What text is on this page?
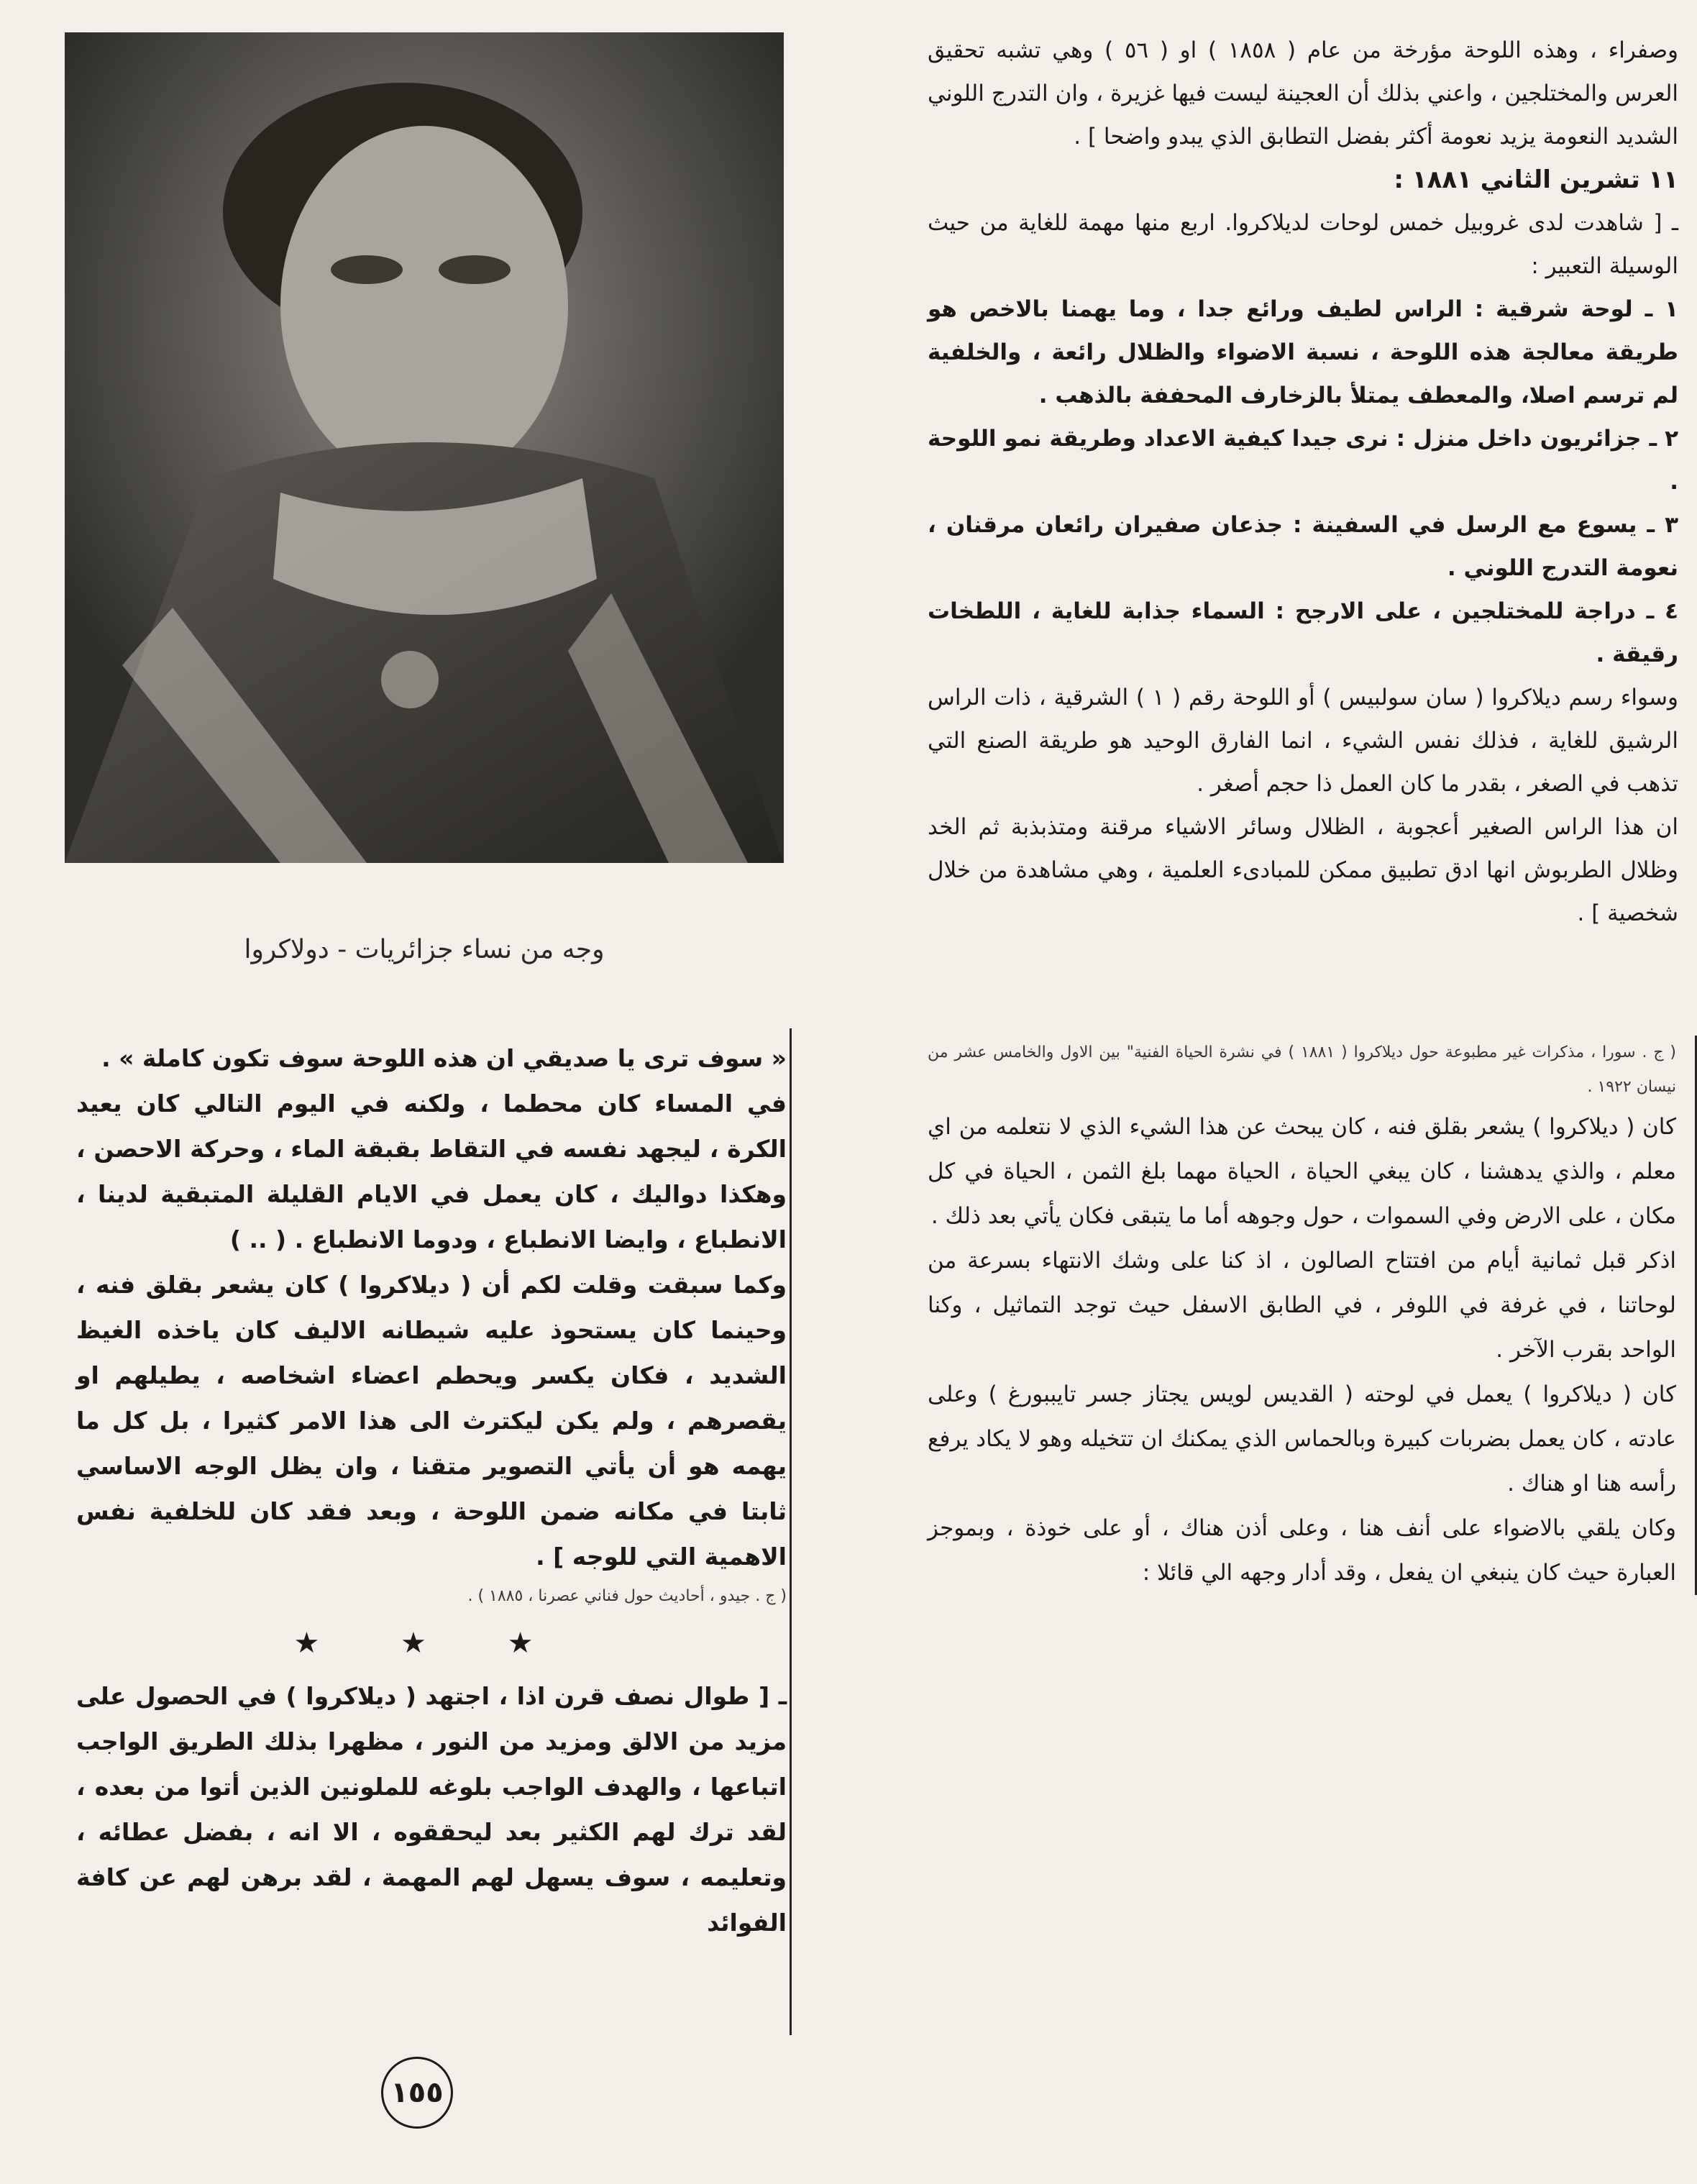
وجه من نساء جزائريات - دولاكروا

وصفراء ، وهذه اللوحة مؤرخة من عام ( ١٨٥٨ ) او ( ٥٦ ) وهي تشبه تحقيق العرس والمختلجين ، واعني بذلك أن العجينة ليست فيها غزيرة ، وان التدرج اللوني الشديد النعومة يزيد نعومة أكثر بفضل التطابق الذي يبدو واضحا ] .

١١ تشرين الثاني ١٨٨١ :

ـ [ شاهدت لدى غروبيل خمس لوحات لديلاكروا. اربع منها مهمة للغاية من حيث الوسيلة التعبير :

١ ـ لوحة شرقية : الراس لطيف ورائع جدا ، وما يهمنا بالاخص هو طريقة معالجة هذه اللوحة ، نسبة الاضواء والظلال رائعة ، والخلفية لم ترسم اصلا، والمعطف يمتلأ بالزخارف المحففة بالذهب .

٢ ـ جزائريون داخل منزل : نرى جيدا كيفية الاعداد وطريقة نمو اللوحة .

٣ ـ يسوع مع الرسل في السفينة : جذعان صفيران رائعان مرقنان ، نعومة التدرج اللوني .

٤ ـ دراجة للمختلجين ، على الارجح : السماء جذابة للغاية ، اللطخات رقيقة .

وسواء رسم ديلاكروا ( سان سولبيس ) أو اللوحة رقم ( ١ ) الشرقية ، ذات الراس الرشيق للغاية ، فذلك نفس الشيء ، انما الفارق الوحيد هو طريقة الصنع التي تذهب في الصغر ، بقدر ما كان العمل ذا حجم أصغر .

ان هذا الراس الصغير أعجوبة ، الظلال وسائر الاشياء مرقنة ومتذبذبة ثم الخد وظلال الطربوش انها ادق تطبيق ممكن للمبادىء العلمية ، وهي مشاهدة من خلال شخصية ] .

( ج . سورا ، مذكرات غير مطبوعة حول ديلاكروا ( ١٨٨١ ) في نشرة الحياة الفنية" بين الاول والخامس عشر من نيسان ١٩٢٢ .

كان ( ديلاكروا ) يشعر بقلق فنه ، كان يبحث عن هذا الشيء الذي لا نتعلمه من اي معلم ، والذي يدهشنا ، كان يبغي الحياة ، الحياة مهما بلغ الثمن ، الحياة في كل مكان ، على الارض وفي السموات ، حول وجوهه أما ما يتبقى فكان يأتي بعد ذلك .

اذكر قبل ثمانية أيام من افتتاح الصالون ، اذ كنا على وشك الانتهاء بسرعة من لوحاتنا ، في غرفة في اللوفر ، في الطابق الاسفل حيث توجد التماثيل ، وكنا الواحد بقرب الآخر .

كان ( ديلاكروا ) يعمل في لوحته ( القديس لويس يجتاز جسر تايببورغ ) وعلى عادته ، كان يعمل بضربات كبيرة وبالحماس الذي يمكنك ان تتخيله وهو لا يكاد يرفع رأسه هنا او هناك .

وكان يلقي بالاضواء على أنف هنا ، وعلى أذن هناك ، أو على خوذة ، وبموجز العبارة حيث كان ينبغي ان يفعل ، وقد أدار وجهه الي قائلا :

« سوف ترى يا صديقي ان هذه اللوحة سوف تكون كاملة » .

في المساء كان محطما ، ولكنه في اليوم التالي كان يعيد الكرة ، ليجهد نفسه في التقاط بقبقة الماء ، وحركة الاحصن ، وهكذا دواليك ، كان يعمل في الايام القليلة المتبقية لدينا ، الانطباع ، وايضا الانطباع ، ودوما الانطباع . ( .. )

وكما سبقت وقلت لكم أن ( ديلاكروا ) كان يشعر بقلق فنه ، وحينما كان يستحوذ عليه شيطانه الاليف كان ياخذه الغيظ الشديد ، فكان يكسر ويحطم اعضاء اشخاصه ، يطيلهم او يقصرهم ، ولم يكن ليكترث الى هذا الامر كثيرا ، بل كل ما يهمه هو أن يأتي التصوير متقنا ، وان يظل الوجه الاساسي ثابتا في مكانه ضمن اللوحة ، وبعد فقد كان للخلفية نفس الاهمية التي للوجه ] .

( ج . جيدو ، أحاديث حول فناني عصرنا ، ١٨٨٥ ) .

★ ★ ★

ـ [ طوال نصف قرن اذا ، اجتهد ( ديلاكروا ) في الحصول على مزيد من الالق ومزيد من النور ، مظهرا بذلك الطريق الواجب اتباعها ، والهدف الواجب بلوغه للملونين الذين أتوا من بعده ، لقد ترك لهم الكثير بعد ليحققوه ، الا انه ، بفضل عطائه ، وتعليمه ، سوف يسهل لهم المهمة ، لقد برهن لهم عن كافة الفوائد

١٥٥
